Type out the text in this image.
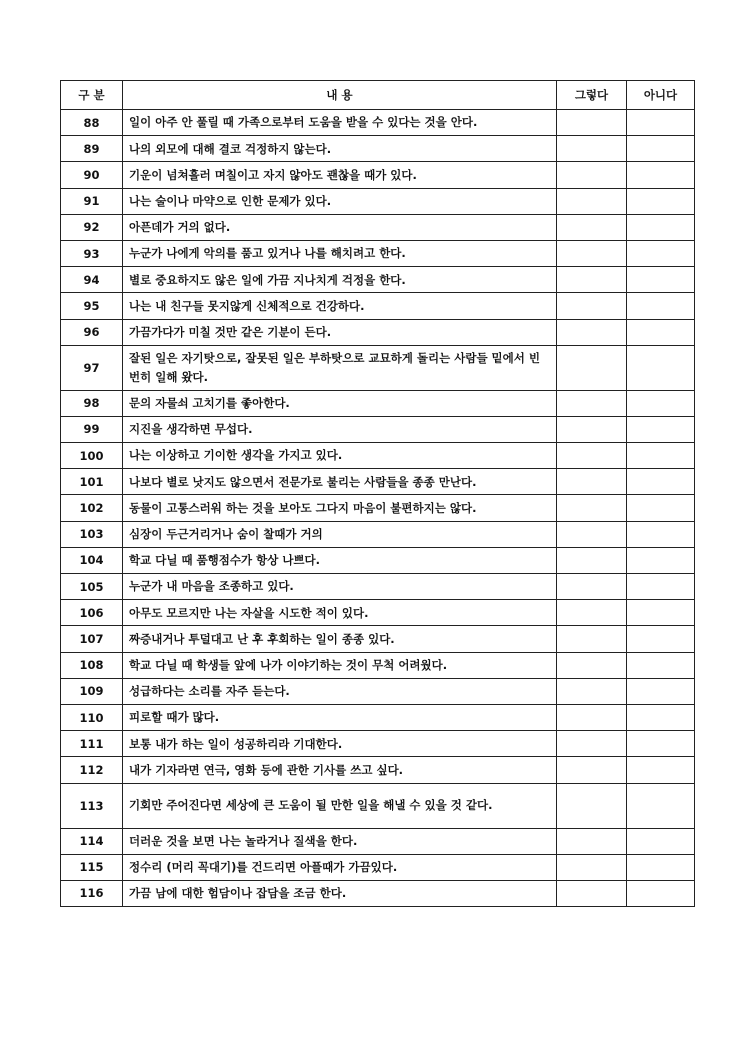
구 분	내 용	그렇다	아니다
88	일이 아주 안 풀릴 때 가족으로부터 도움을 받을 수 있다는 것을 안다.		
89	나의 외모에 대해 결코 걱정하지 않는다.		
90	기운이 넘쳐흘러 며칠이고 자지 않아도 괜찮을 때가 있다.		
91	나는 술이나 마약으로 인한 문제가 있다.		
92	아픈데가 거의 없다.		
93	누군가 나에게 악의를 품고 있거나 나를 해치려고 한다.		
94	별로 중요하지도 않은 일에 가끔 지나치게 걱정을 한다.		
95	나는 내 친구들 못지않게 신체적으로 건강하다.		
96	가끔가다가 미칠 것만 같은 기분이 든다.		
97	잘된 일은 자기탓으로, 잘못된 일은 부하탓으로 교묘하게 돌리는 사람들 밑에서 빈번히 일해 왔다.		
98	문의 자물쇠 고치기를 좋아한다.		
99	지진을 생각하면 무섭다.		
100	나는 이상하고 기이한 생각을 가지고 있다.		
101	나보다 별로 낫지도 않으면서 전문가로 불리는 사람들을 종종 만난다.		
102	동물이 고통스러워 하는 것을 보아도 그다지 마음이 불편하지는 않다.		
103	심장이 두근거리거나 숨이 찰때가 거의		
104	학교 다닐 때 품행점수가 항상 나쁘다.		
105	누군가 내 마음을 조종하고 있다.		
106	아무도 모르지만 나는 자살을 시도한 적이 있다.		
107	짜증내거나 투덜대고 난 후 후회하는 일이 종종 있다.		
108	학교 다닐 때 학생들 앞에 나가 이야기하는 것이 무척 어려웠다.		
109	성급하다는 소리를 자주 듣는다.		
110	피로할 때가 많다.		
111	보통 내가 하는 일이 성공하리라 기대한다.		
112	내가 기자라면 연극, 영화 등에 관한 기사를 쓰고 싶다.		
113	기회만 주어진다면 세상에 큰 도움이 될 만한 일을 해낼 수 있을 것 같다.		
114	더러운 것을 보면 나는 놀라거나 질색을 한다.		
115	정수리 (머리 꼭대기)를 건드리면 아플때가 가끔있다.		
116	가끔 남에 대한 험담이나 잡담을 조금 한다.		
